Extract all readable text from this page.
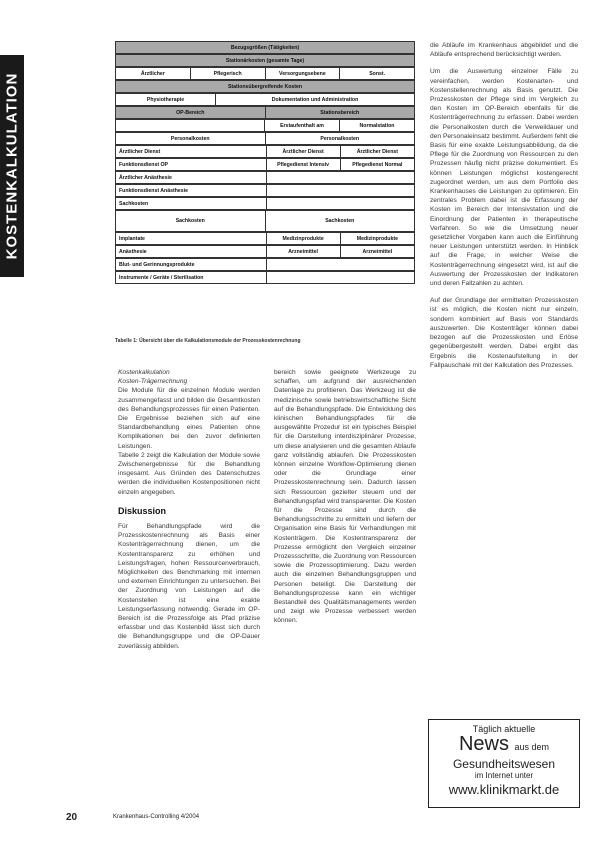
KOSTENKALKULATION
Bezugsgrößen (Tätigkeiten)
Stationärkosten (gesamte Tage)
Ärztlicher	Pflegerisch	Versorgungsebene	Sonst.
Stationsübergreifende Kosten
Physiotherapie	Dokumentation und Administration
OP-Bereich	Stationsbereich
Erstaufenthalt am	Normalstation
Personalkosten	Personalkosten
Ärztlicher Dienst	Ärztlicher Dienst	Ärztlicher Dienst
Funktionsdienst OP	Pflegedienst Intensiv	Pflegedienst Normal
Ärztlicher Anästhesie
Funktionsdienst Anästhesie
Sachkosten
Sachkosten	Sachkosten
Implantate	Medizinprodukte	Medizinprodukte
Anästhesie	Arzneimittel	Arzneimittel
Blut- und Gerinnungsprodukte
Instrumente / Geräte / Sterilisation
Tabelle 1: Übersicht über die Kalkulationsmodule der Prozesskostenrechnung

Kostenkalkulation

Kosten-Trägerrechnung

Die Module für die einzelnen Module werden zusammengefasst und bilden die Gesamtkosten des Behandlungsprozesses für einen Patienten. Die Ergebnisse beziehen sich auf eine Standardbehandlung eines Patienten ohne Komplikationen bei den zuvor definierten Leistungen.

Tabelle 2 zeigt die Kalkulation der Module sowie Zwischenergebnisse für die Behandlung insgesamt. Aus Gründen des Datenschutzes werden die individuellen Kostenpositionen nicht einzeln angegeben.

Diskussion

Für Behandlungspfade wird die Prozesskostenrechnung als Basis einer Kostenträgerrechnung dienen, um die Kostentransparenz zu erhöhen und Leistungsfragen, hohen Ressourcenverbrauch, Möglichkeiten des Benchmarking mit internen und externen Einrichtungen zu untersuchen. Bei der Zuordnung von Leistungen auf die Kostenstellen ist eine exakte Leistungserfassung notwendig. Gerade im OP-Bereich ist die Prozessfolge als Pfad präzise erfassbar und das Kostenbild lässt sich durch die Behandlungsgruppe und die OP-Dauer zuverlässig abbilden.

bereich sowie geeignete Werkzeuge zu schaffen, um aufgrund der ausreichenden Datenlage zu profitieren. Das Werkzeug ist die medizinische sowie betriebswirtschaftliche Sicht auf die Behandlungspfade. Die Entwicklung des klinischen Behandlungspfades für die ausgewählte Prozedur ist ein typisches Beispiel für die Darstellung interdisziplinärer Prozesse, um diese analysieren und die gesamten Ablaufe ganz vollständig ablaufen. Die Prozesskosten können einzelne Workflow-Optimierung dienen oder die Grundlage einer Prozesskostenrechnung sein. Dadurch lassen sich Ressourcen gezielter steuern und der Behandlungspfad wird transparenter. Die Kosten für die Prozesse sind durch die Behandlungsschritte zu ermitteln und liefern der Organisation eine Basis für Verhandlungen mit Kostenträgern. Die Kostentransparenz der Prozesse ermöglicht den Vergleich einzelner Prozessschritte, die Zuordnung von Ressourcen sowie die Prozessoptimierung. Dazu werden auch die einzelnen Behandlungsgruppen und Personen beteiligt. Die Darstellung der Behandlungsprozesse kann ein wichtiger Bestandteil des Qualitätsmanagements werden und zeigt wie Prozesse verbessert werden können.

die Abläufe im Krankenhaus abgebildet und die Abläufe entsprechend berücksichtigt werden.

Um die Auswertung einzelner Fälle zu vereinfachen, werden Kostenarten- und Kostenstellenrechnung als Basis genutzt. Die Prozesskosten der Pflege sind im Vergleich zu den Kosten im OP-Bereich ebenfalls für die Kostenträgerrechnung zu erfassen. Dabei werden die Personalkosten durch die Verweildauer und den Personaleinsatz bestimmt. Außerdem fehlt die Basis für eine exakte Leistungsabbildung, da die Pflege für die Zuordnung von Ressourcen zu den Prozessen häufig nicht präzise dokumentiert. Es können Leistungen möglichst kostengerecht zugeordnet werden, um aus dem Portfolio des Krankenhauses die Leistungen zu optimieren. Ein zentrales Problem dabei ist die Erfassung der Kosten im Bereich der Intensivstation und die Einordnung der Patienten in therapeutische Verfahren. So wie die Umsetzung neuer gesetzlicher Vorgaben kann auch die Einführung neuer Leistungen unterstützt werden. In Hinblick auf die Frage, in welcher Weise die Kostenträgerrechnung eingesetzt wird, ist auf die Auswertung der Prozesskosten der Indikatoren und deren Fallzahlen zu achten.

Auf der Grundlage der ermittelten Prozesskosten ist es möglich, die Kosten nicht nur einzeln, sondern kombiniert auf Basis von Standards auszuwerten. Die Kostenträger können dabei bezogen auf die Prozesskosten und Erlöse gegenübergestellt werden. Dabei ergibt das Ergebnis die Kostenaufstellung in der Fallpauschale mit der Kalkulation des Prozesses.

Täglich aktuelle
News aus dem
Gesundheitswesen
im Internet unter
www.klinikmarkt.de
20	Krankenhaus-Controlling 4/2004
